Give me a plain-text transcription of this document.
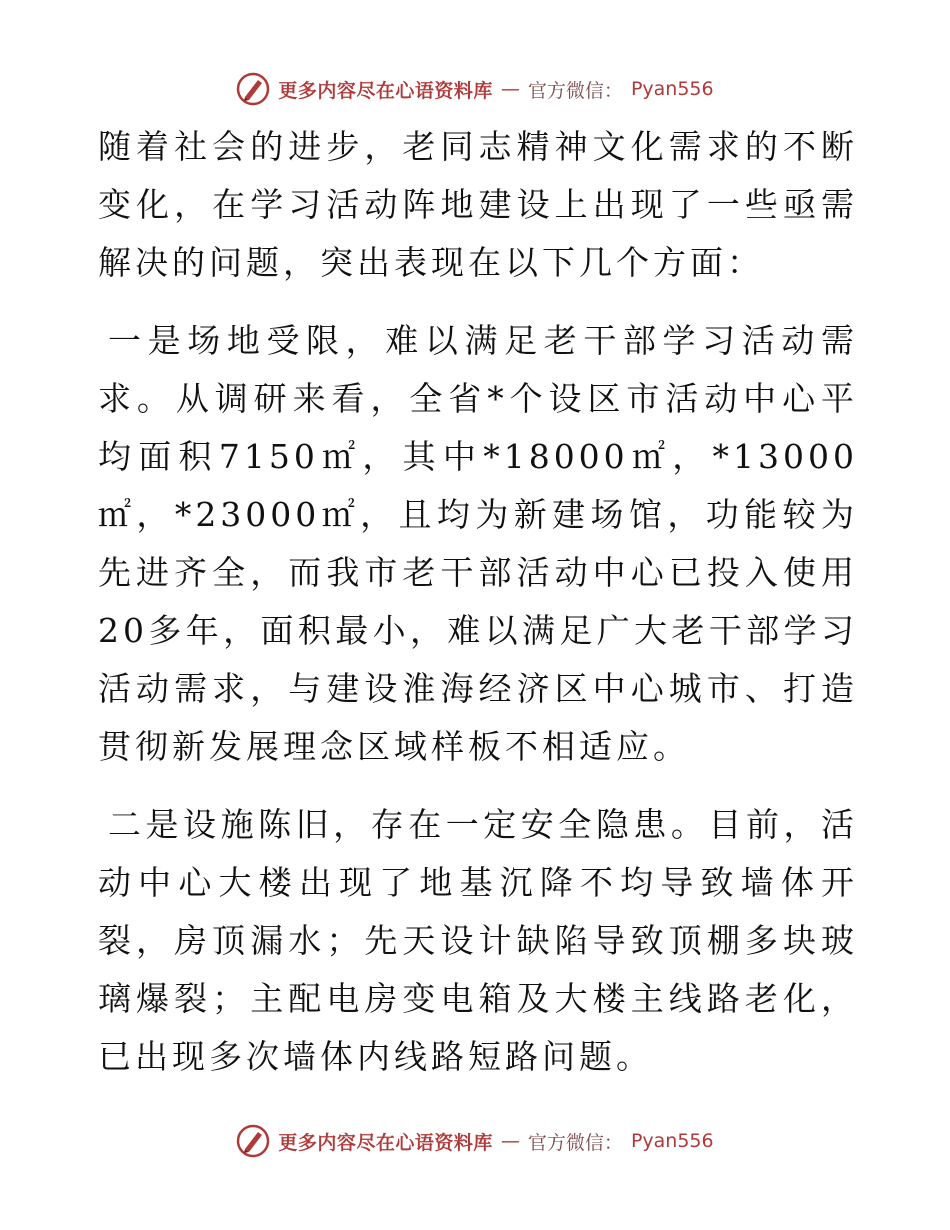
更多内容尽在心语资料库 — 官方微信： Pyan556

随着社会的进步，老同志精神文化需求的不断变化，在学习活动阵地建设上出现了一些亟需解决的问题，突出表现在以下几个方面：

一是场地受限，难以满足老干部学习活动需求。从调研来看，全省*个设区市活动中心平均面积7150㎡，其中*18000㎡，*13000㎡，*23000㎡，且均为新建场馆，功能较为先进齐全，而我市老干部活动中心已投入使用20多年，面积最小，难以满足广大老干部学习活动需求，与建设淮海经济区中心城市、打造贯彻新发展理念区域样板不相适应。

二是设施陈旧，存在一定安全隐患。目前，活动中心大楼出现了地基沉降不均导致墙体开裂，房顶漏水；先天设计缺陷导致顶棚多块玻璃爆裂；主配电房变电箱及大楼主线路老化，已出现多次墙体内线路短路问题。

更多内容尽在心语资料库 — 官方微信： Pyan556
